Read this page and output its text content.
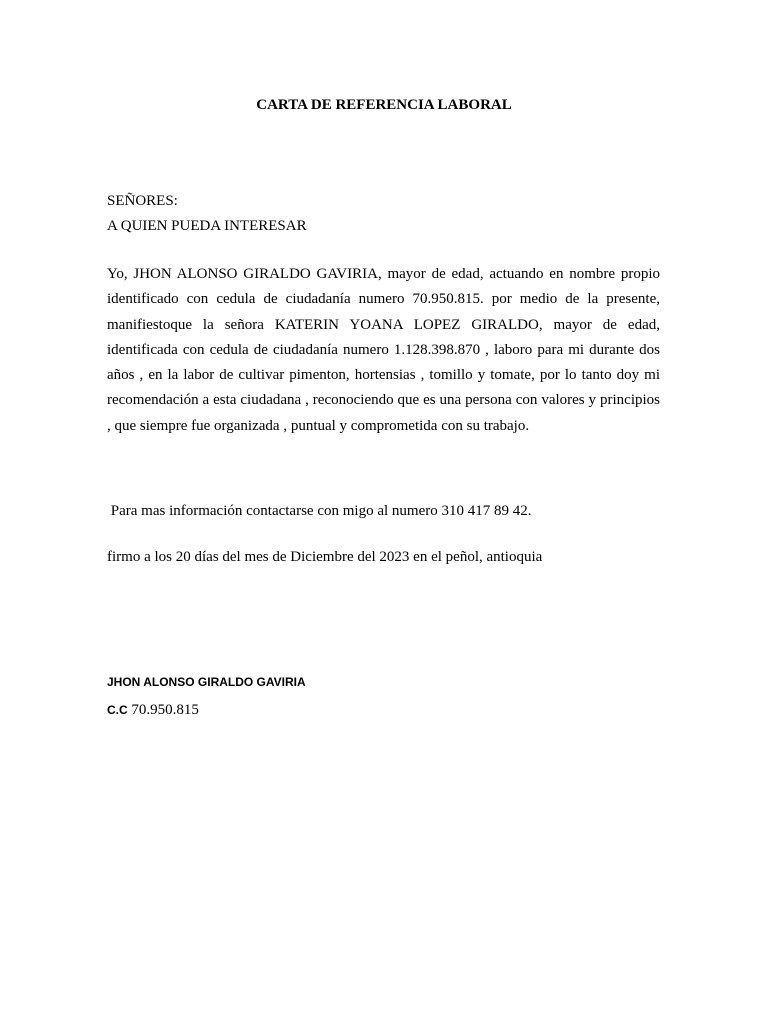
CARTA DE REFERENCIA LABORAL
SEÑORES:
A QUIEN PUEDA INTERESAR
Yo, JHON ALONSO GIRALDO GAVIRIA, mayor de edad, actuando en nombre propio identificado con cedula de ciudadanía numero 70.950.815. por medio de la presente, manifiestoque la señora KATERIN YOANA LOPEZ GIRALDO, mayor de edad, identificada con cedula de ciudadanía numero 1.128.398.870 , laboro para mi durante dos años , en la labor de cultivar pimenton, hortensias , tomillo y tomate, por lo tanto doy mi recomendación a esta ciudadana , reconociendo que es una persona con valores y principios , que siempre fue organizada , puntual y comprometida con su trabajo.
Para mas información contactarse con migo al numero 310 417 89 42.
firmo a los 20 días del mes de Diciembre del 2023 en el peñol, antioquia
JHON ALONSO GIRALDO GAVIRIA
C.C 70.950.815
